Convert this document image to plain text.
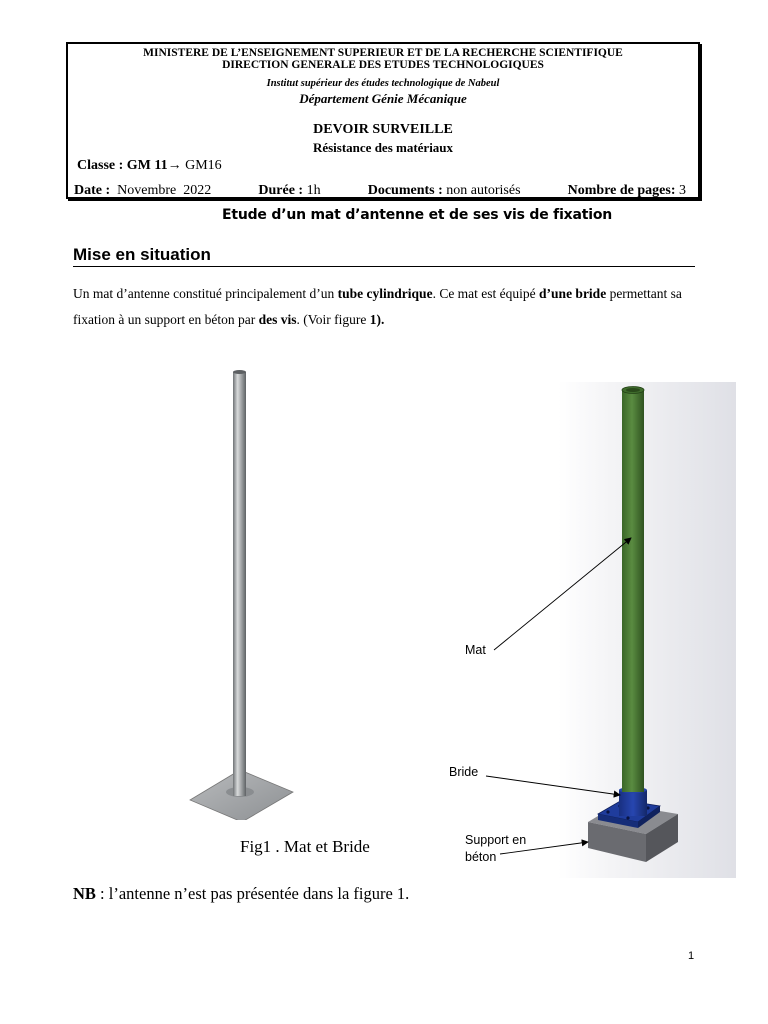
MINISTERE DE L’ENSEIGNEMENT SUPERIEUR ET DE LA RECHERCHE SCIENTIFIQUE
DIRECTION GENERALE DES ETUDES TECHNOLOGIQUES
Institut supérieur des études technologique de Nabeul
Département Génie Mécanique
DEVOIR SURVEILLE
Résistance des matériaux
Classe : GM 11→ GM16
Date : Novembre  2022	Durée : 1h	Documents : non autorisés	Nombre de pages: 3
Etude d’un mat d’antenne et de ses vis de fixation
Mise en situation
Un mat d’antenne constitué principalement d’un tube cylindrique. Ce mat est équipé d’une bride permettant sa fixation à un support en béton par des vis. (Voir figure 1).
Mat
Bride
Support en
béton
Fig1 . Mat et Bride
NB : l’antenne n’est pas présentée dans la figure 1.
1
